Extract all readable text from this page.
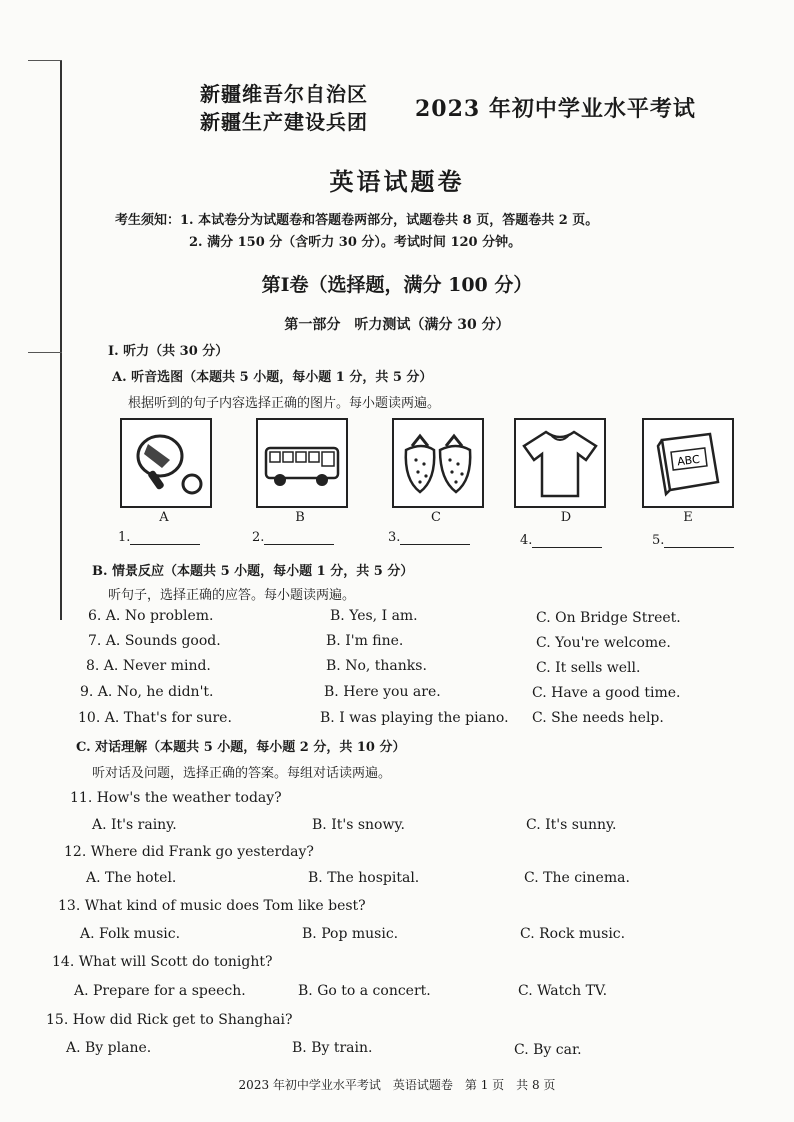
新疆维吾尔自治区
新疆生产建设兵团 2023 年初中学业水平考试
英语试题卷
考生须知：1. 本试卷分为试题卷和答题卷两部分，试题卷共 8 页，答题卷共 2 页。
2. 满分 150 分（含听力 30 分）。考试时间 120 分钟。
第Ⅰ卷（选择题，满分 100 分）
第一部分　听力测试（满分 30 分）
Ⅰ. 听力（共 30 分）
A. 听音选图（本题共 5 小题，每小题 1 分，共 5 分）
根据听到的句子内容选择正确的图片。每小题读两遍。
ABC
A	B	C	D	E
1.	2.	3.	4.	5.
B. 情景反应（本题共 5 小题，每小题 1 分，共 5 分）
听句子，选择正确的应答。每小题读两遍。
6. A. No problem.	B. Yes, I am.	C. On Bridge Street.
7. A. Sounds good.	B. I'm fine.	C. You're welcome.
8. A. Never mind.	B. No, thanks.	C. It sells well.
9. A. No, he didn't.	B. Here you are.	C. Have a good time.
10. A. That's for sure.	B. I was playing the piano. C. She needs help.
C. 对话理解（本题共 5 小题，每小题 2 分，共 10 分）
听对话及问题，选择正确的答案。每组对话读两遍。
11. How's the weather today?
A. It's rainy.	B. It's snowy.	C. It's sunny.
12. Where did Frank go yesterday?
A. The hotel.	B. The hospital.	C. The cinema.
13. What kind of music does Tom like best?
A. Folk music.	B. Pop music.	C. Rock music.
14. What will Scott do tonight?
A. Prepare for a speech.	B. Go to a concert.	C. Watch TV.
15. How did Rick get to Shanghai?
A. By plane.	B. By train.	C. By car.
2023 年初中学业水平考试　英语试题卷　第 1 页　共 8 页
